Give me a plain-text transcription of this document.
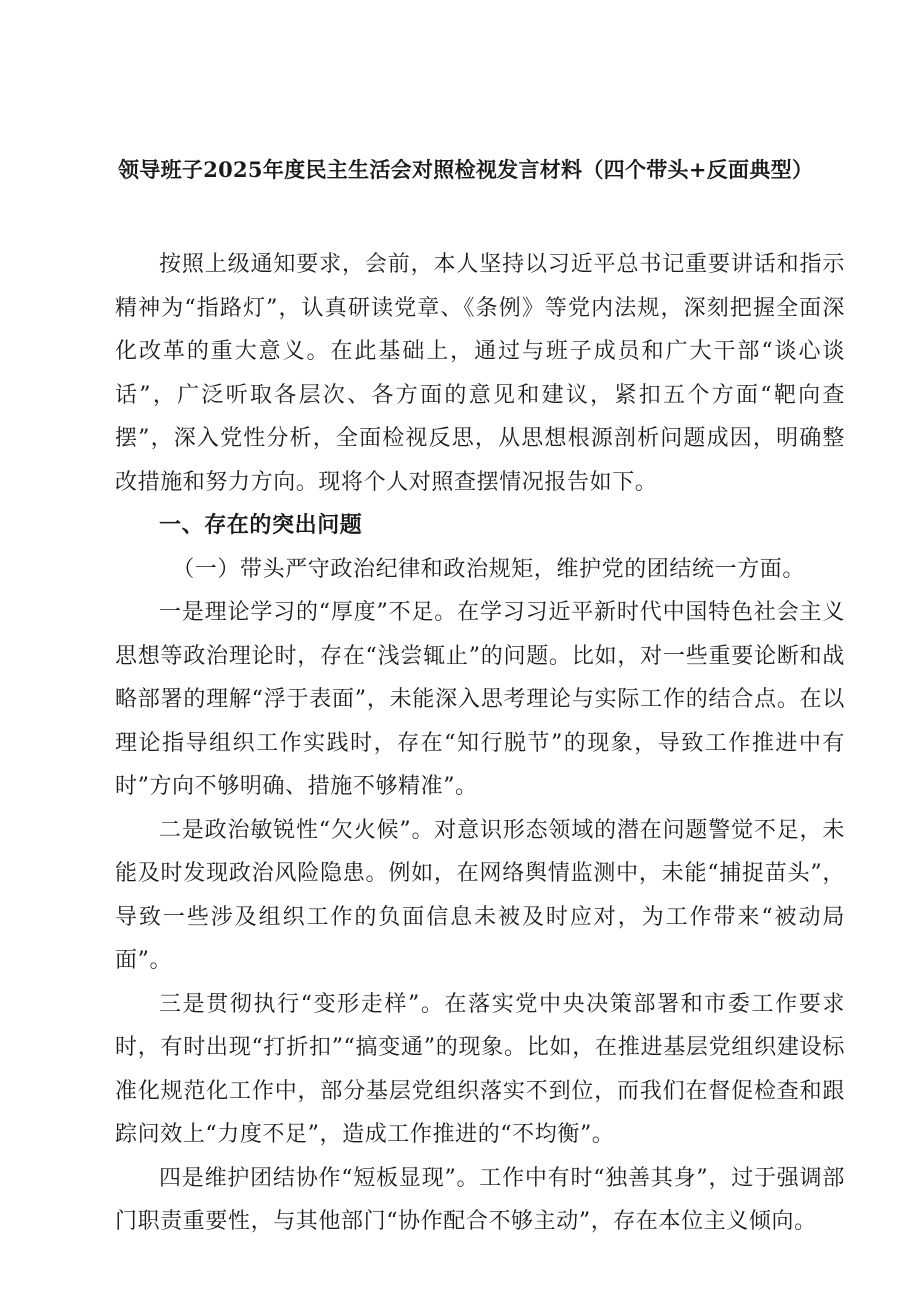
领导班子2025年度民主生活会对照检视发言材料（四个带头+反面典型）

按照上级通知要求，会前，本人坚持以习近平总书记重要讲话和指示精神为“指路灯”，认真研读党章、《条例》等党内法规，深刻把握全面深化改革的重大意义。在此基础上，通过与班子成员和广大干部“谈心谈话”，广泛听取各层次、各方面的意见和建议，紧扣五个方面“靶向查摆”，深入党性分析，全面检视反思，从思想根源剖析问题成因，明确整改措施和努力方向。现将个人对照查摆情况报告如下。

一、存在的突出问题

（一）带头严守政治纪律和政治规矩，维护党的团结统一方面。

一是理论学习的“厚度”不足。在学习习近平新时代中国特色社会主义思想等政治理论时，存在“浅尝辄止”的问题。比如，对一些重要论断和战略部署的理解“浮于表面”，未能深入思考理论与实际工作的结合点。在以理论指导组织工作实践时，存在“知行脱节”的现象，导致工作推进中有时”方向不够明确、措施不够精准”。

二是政治敏锐性“欠火候”。对意识形态领域的潜在问题警觉不足，未能及时发现政治风险隐患。例如，在网络舆情监测中，未能“捕捉苗头”，导致一些涉及组织工作的负面信息未被及时应对，为工作带来“被动局面”。

三是贯彻执行“变形走样”。在落实党中央决策部署和市委工作要求时，有时出现“打折扣”“搞变通”的现象。比如，在推进基层党组织建设标准化规范化工作中，部分基层党组织落实不到位，而我们在督促检查和跟踪问效上“力度不足”，造成工作推进的“不均衡”。

四是维护团结协作“短板显现”。工作中有时“独善其身”，过于强调部门职责重要性，与其他部门“协作配合不够主动”，存在本位主义倾向。
